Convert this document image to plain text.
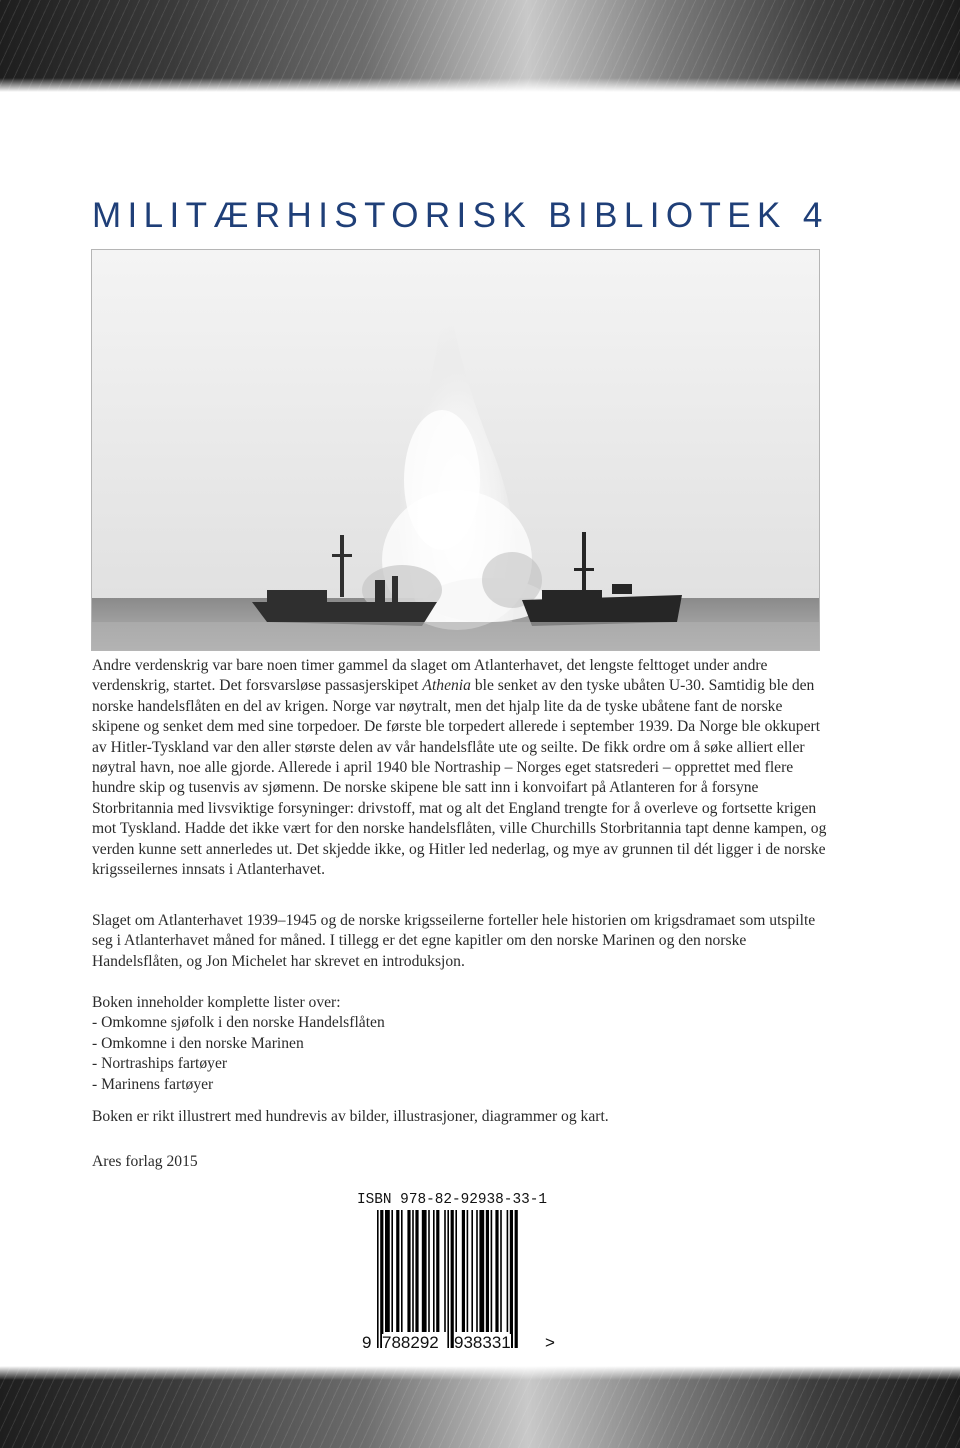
MILITÆRHISTORISK BIBLIOTEK 4

Andre verdenskrig var bare noen timer gammel da slaget om Atlanterhavet, det lengste felttoget under andre verdenskrig, startet. Det forsvarsløse passasjerskipet Athenia ble senket av den tyske ubåten U-30. Samtidig ble den norske handelsflåten en del av krigen. Norge var nøytralt, men det hjalp lite da de tyske ubåtene fant de norske skipene og senket dem med sine torpedoer. De første ble torpedert allerede i september 1939. Da Norge ble okkupert av Hitler-Tyskland var den aller største delen av vår handelsflåte ute og seilte. De fikk ordre om å søke alliert eller nøytral havn, noe alle gjorde. Allerede i april 1940 ble Nortraship – Norges eget statsrederi – opprettet med flere hundre skip og tusenvis av sjømenn. De norske skipene ble satt inn i konvoifart på Atlanteren for å forsyne Storbritannia med livsviktige forsyninger: drivstoff, mat og alt det England trengte for å overleve og fortsette krigen mot Tyskland. Hadde det ikke vært for den norske handelsflåten, ville Churchills Storbritannia tapt denne kampen, og verden kunne sett annerledes ut. Det skjedde ikke, og Hitler led nederlag, og mye av grunnen til dét ligger i de norske krigsseilernes innsats i Atlanterhavet.

Slaget om Atlanterhavet 1939–1945 og de norske krigsseilerne forteller hele historien om krigsdramaet som utspilte seg i Atlanterhavet måned for måned. I tillegg er det egne kapitler om den norske Marinen og den norske Handelsflåten, og Jon Michelet har skrevet en introduksjon.

Boken inneholder komplette lister over:
- Omkomne sjøfolk i den norske Handelsflåten
- Omkomne i den norske Marinen
- Nortraships fartøyer
- Marinens fartøyer

Boken er rikt illustrert med hundrevis av bilder, illustrasjoner, diagrammer og kart.

Ares forlag 2015

ISBN 978-82-92938-33-1
9 788292 938331 >
